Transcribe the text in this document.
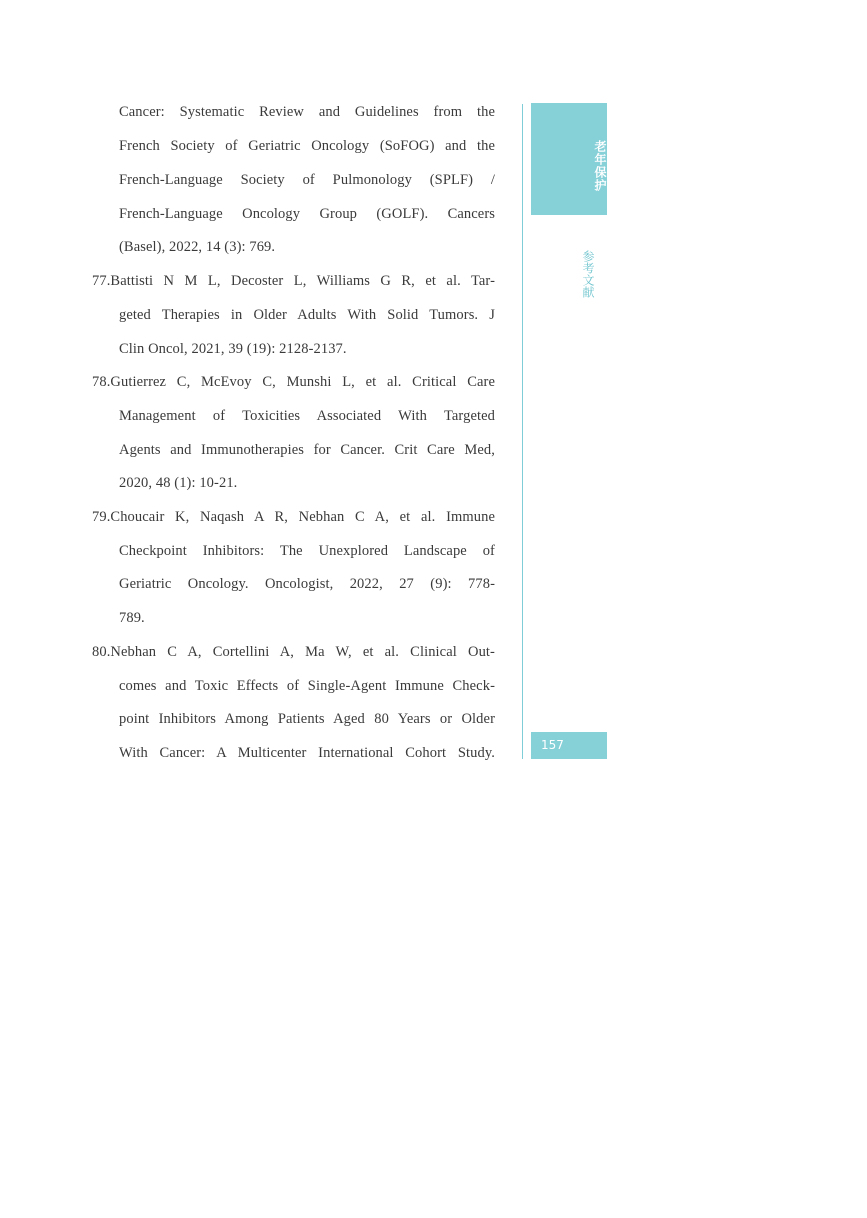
Cancer: Systematic Review and Guidelines from the
French Society of Geriatric Oncology (SoFOG) and the
French-Language Society of Pulmonology (SPLF) /
French-Language Oncology Group (GOLF). Cancers
(Basel), 2022, 14 (3): 769.
77.Battisti N M L, Decoster L, Williams G R, et al. Tar-
geted Therapies in Older Adults With Solid Tumors. J
Clin Oncol, 2021, 39 (19): 2128-2137.
78.Gutierrez C, McEvoy C, Munshi L, et al. Critical Care
Management of Toxicities Associated With Targeted
Agents and Immunotherapies for Cancer. Crit Care Med,
2020, 48 (1): 10-21.
79.Choucair K, Naqash A R, Nebhan C A, et al. Immune
Checkpoint Inhibitors: The Unexplored Landscape of
Geriatric Oncology. Oncologist, 2022, 27 (9): 778-
789.
80.Nebhan C A, Cortellini A, Ma W, et al. Clinical Out-
comes and Toxic Effects of Single-Agent Immune Check-
point Inhibitors Among Patients Aged 80 Years or Older
With Cancer: A Multicenter International Cohort Study.
老年保护
参考文献
157
